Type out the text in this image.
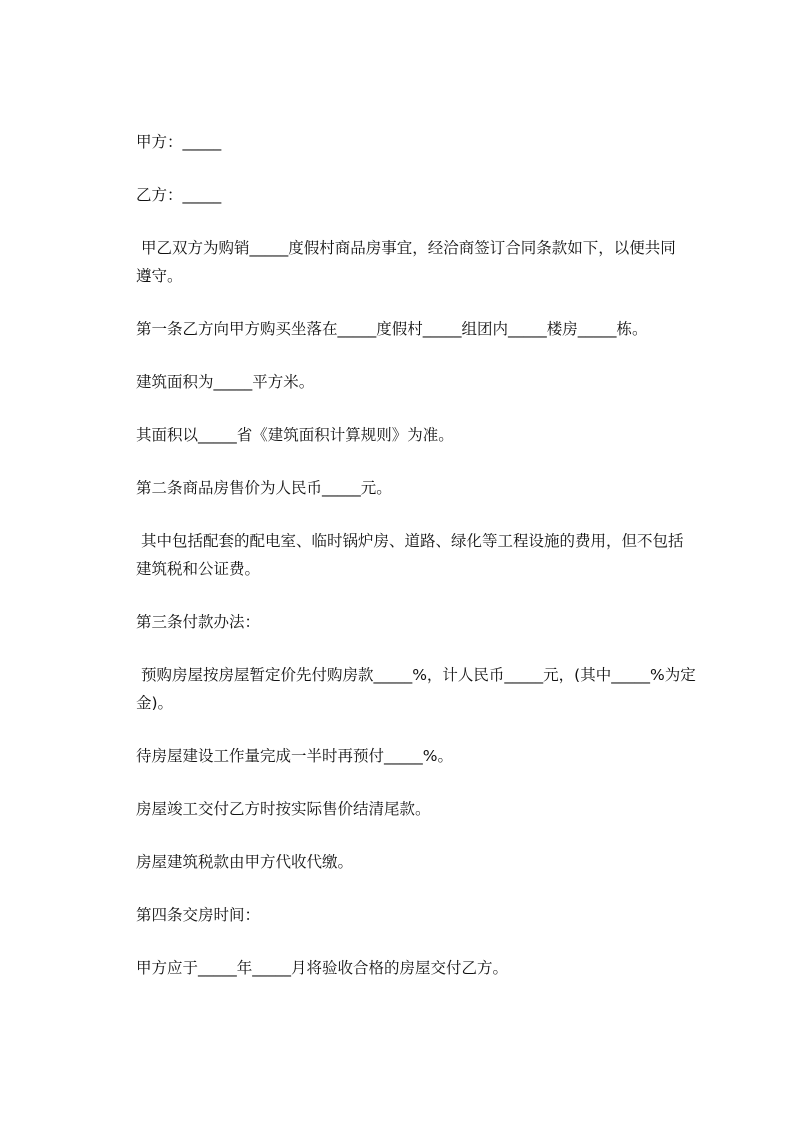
甲方：_____

乙方：_____

甲乙双方为购销_____度假村商品房事宜，经洽商签订合同条款如下，以便共同

遵守。

第一条乙方向甲方购买坐落在_____度假村_____组团内_____楼房_____栋。

建筑面积为_____平方米。

其面积以_____省《建筑面积计算规则》为准。

第二条商品房售价为人民币_____元。

其中包括配套的配电室、临时锅炉房、道路、绿化等工程设施的费用，但不包括

建筑税和公证费。

第三条付款办法：

预购房屋按房屋暂定价先付购房款_____%，计人民币_____元，(其中_____%为定

金)。

待房屋建设工作量完成一半时再预付_____%。

房屋竣工交付乙方时按实际售价结清尾款。

房屋建筑税款由甲方代收代缴。

第四条交房时间：

甲方应于_____年_____月将验收合格的房屋交付乙方。
